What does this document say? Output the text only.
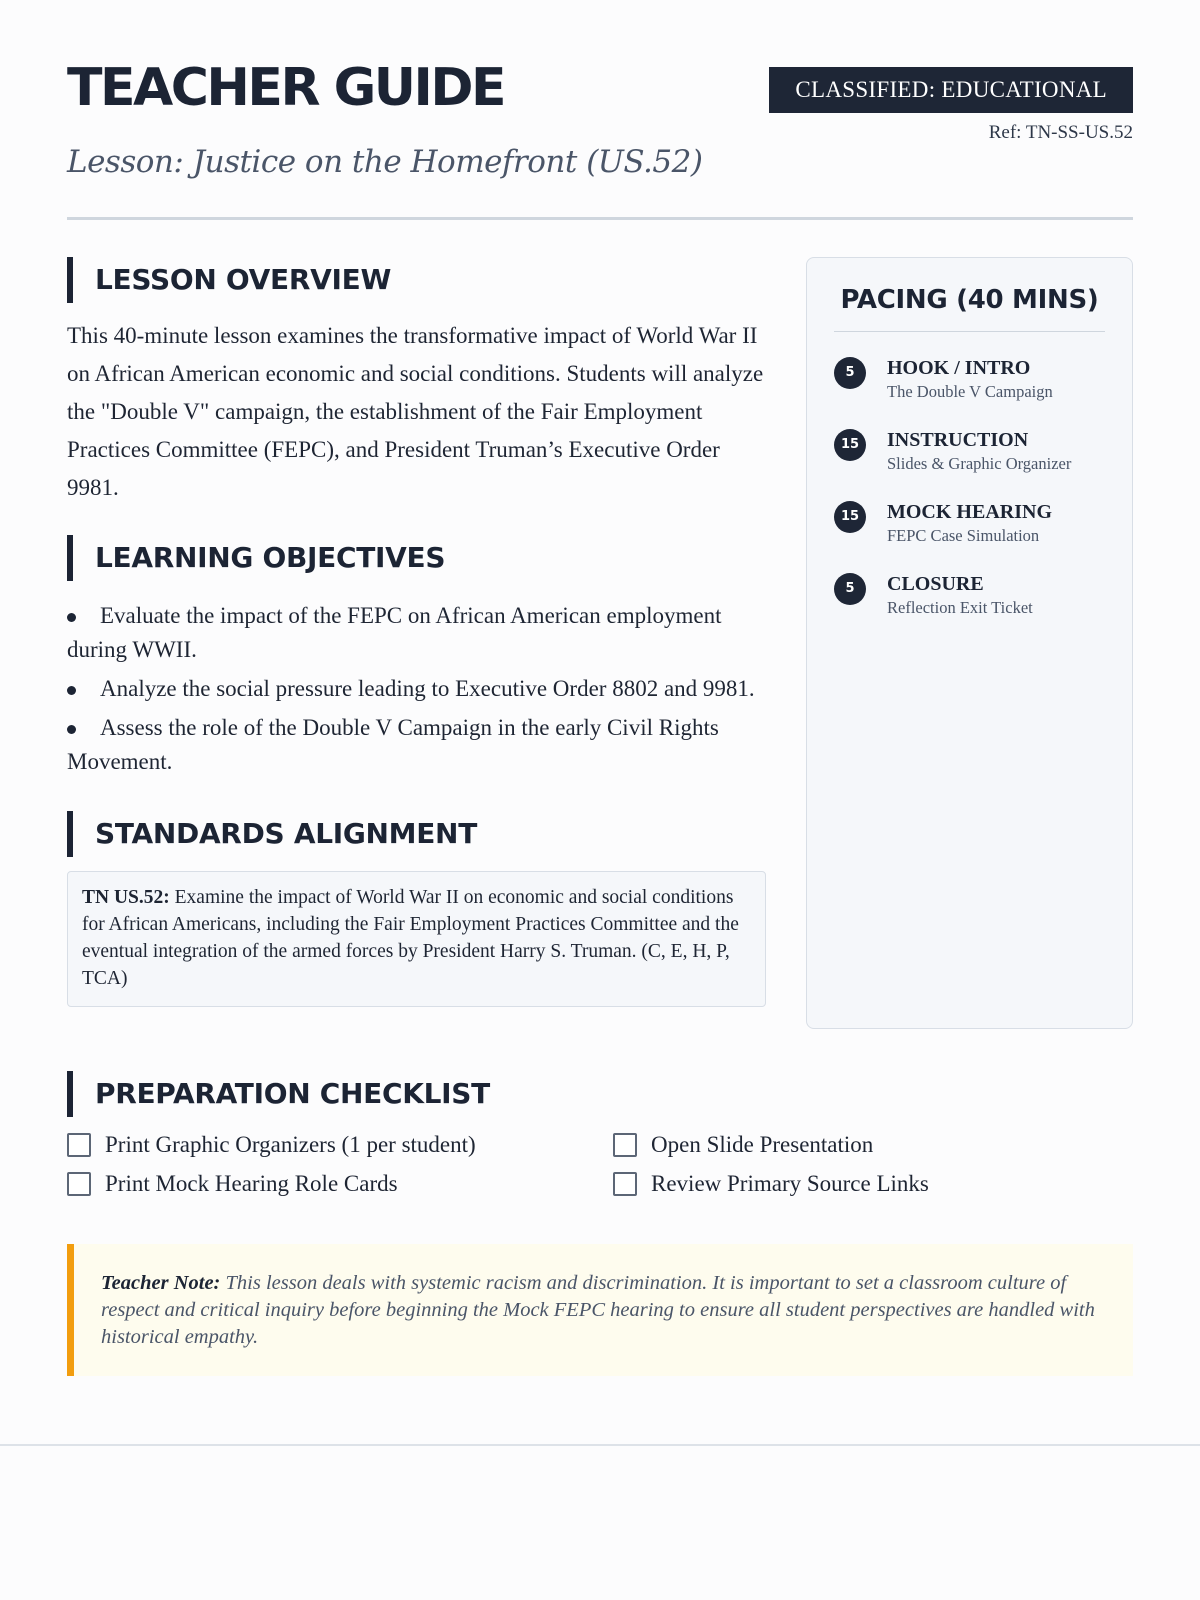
TEACHER GUIDE

Lesson: Justice on the Homefront (US.52)

CLASSIFIED: EDUCATIONAL
Ref: TN-SS-US.52
LESSON OVERVIEW

This 40-minute lesson examines the transformative impact of World War II on African American economic and social conditions. Students will analyze the "Double V" campaign, the establishment of the Fair Employment Practices Committee (FEPC), and President Truman’s Executive Order 9981.

LEARNING OBJECTIVES
Evaluate the impact of the FEPC on African American employment during WWII.
Analyze the social pressure leading to Executive Order 8802 and 9981.
Assess the role of the Double V Campaign in the early Civil Rights Movement.
STANDARDS ALIGNMENT
TN US.52: Examine the impact of World War II on economic and social conditions for African Americans, including the Fair Employment Practices Committee and the eventual integration of the armed forces by President Harry S. Truman. (C, E, H, P, TCA)
PACING (40 MINS)
5	HOOK / INTRO
The Double V Campaign
15	INSTRUCTION
Slides & Graphic Organizer
15	MOCK HEARING
FEPC Case Simulation
5	CLOSURE
Reflection Exit Ticket
PREPARATION CHECKLIST
Print Graphic Organizers (1 per student)	Open Slide Presentation
Print Mock Hearing Role Cards	Review Primary Source Links
Teacher Note: This lesson deals with systemic racism and discrimination. It is important to set a classroom culture of respect and critical inquiry before beginning the Mock FEPC hearing to ensure all student perspectives are handled with historical empathy.
